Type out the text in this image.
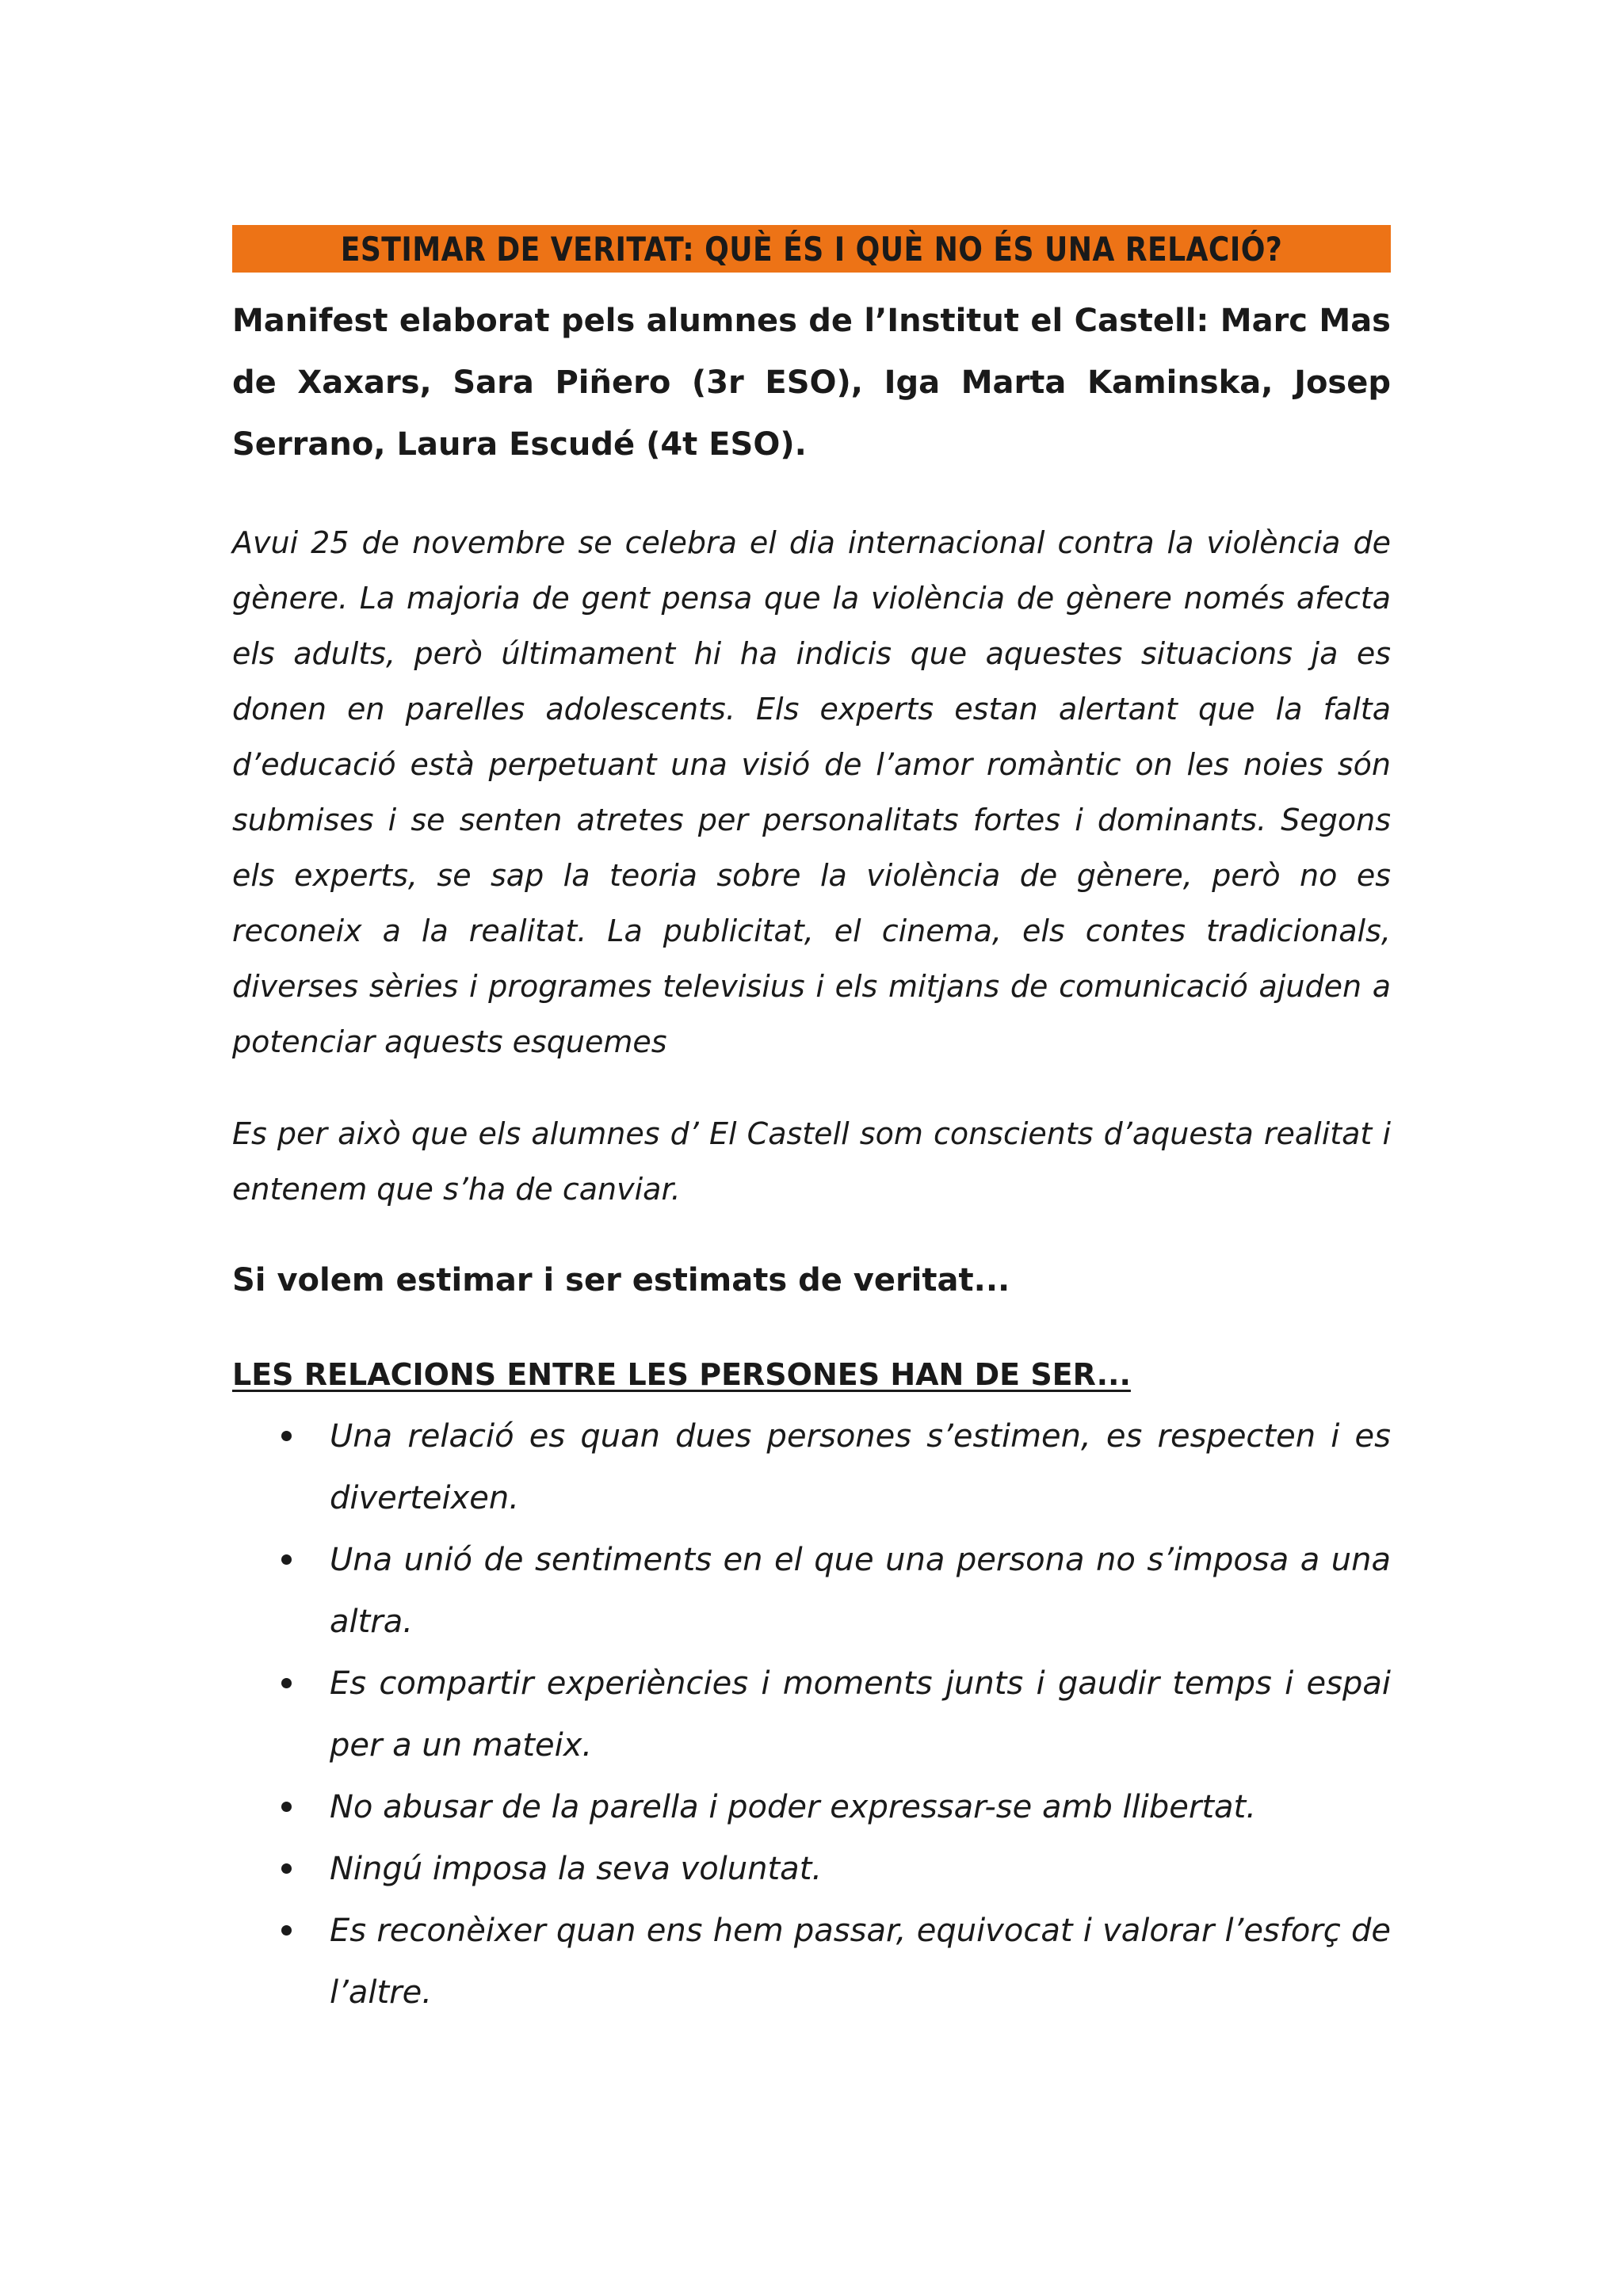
ESTIMAR DE VERITAT: QUÈ ÉS I QUÈ NO ÉS UNA RELACIÓ?
Manifest elaborat pels alumnes de l’Institut el Castell: Marc Mas de Xaxars, Sara Piñero (3r ESO), Iga Marta Kaminska, Josep Serrano, Laura Escudé (4t ESO).
Avui 25 de novembre se celebra el dia internacional contra la violència de gènere. La majoria de gent pensa que la violència de gènere només afecta els adults, però últimament hi ha indicis que aquestes situacions ja es donen en parelles adolescents. Els experts estan alertant que la falta d’educació està perpetuant una visió de l’amor romàntic on les noies són submises i se senten atretes per personalitats fortes i dominants. Segons els experts, se sap la teoria sobre la violència de gènere, però no es reconeix a la realitat. La publicitat, el cinema, els contes tradicionals, diverses sèries i programes televisius i els mitjans de comunicació ajuden a potenciar aquests esquemes
Es per això que els alumnes d’ El Castell som conscients d’aquesta realitat i entenem que s’ha de canviar.
Si volem estimar i ser estimats de veritat...
LES RELACIONS ENTRE LES PERSONES HAN DE SER...
Una relació es quan dues persones s’estimen, es respecten i es diverteixen.
Una unió de sentiments en el que una persona no s’imposa a una altra.
Es compartir experiències i moments junts i gaudir temps i espai per a un mateix.
No abusar de la parella i poder expressar-se amb llibertat.
Ningú imposa la seva voluntat.
Es reconèixer quan ens hem passar, equivocat i valorar l’esforç de l’altre.
